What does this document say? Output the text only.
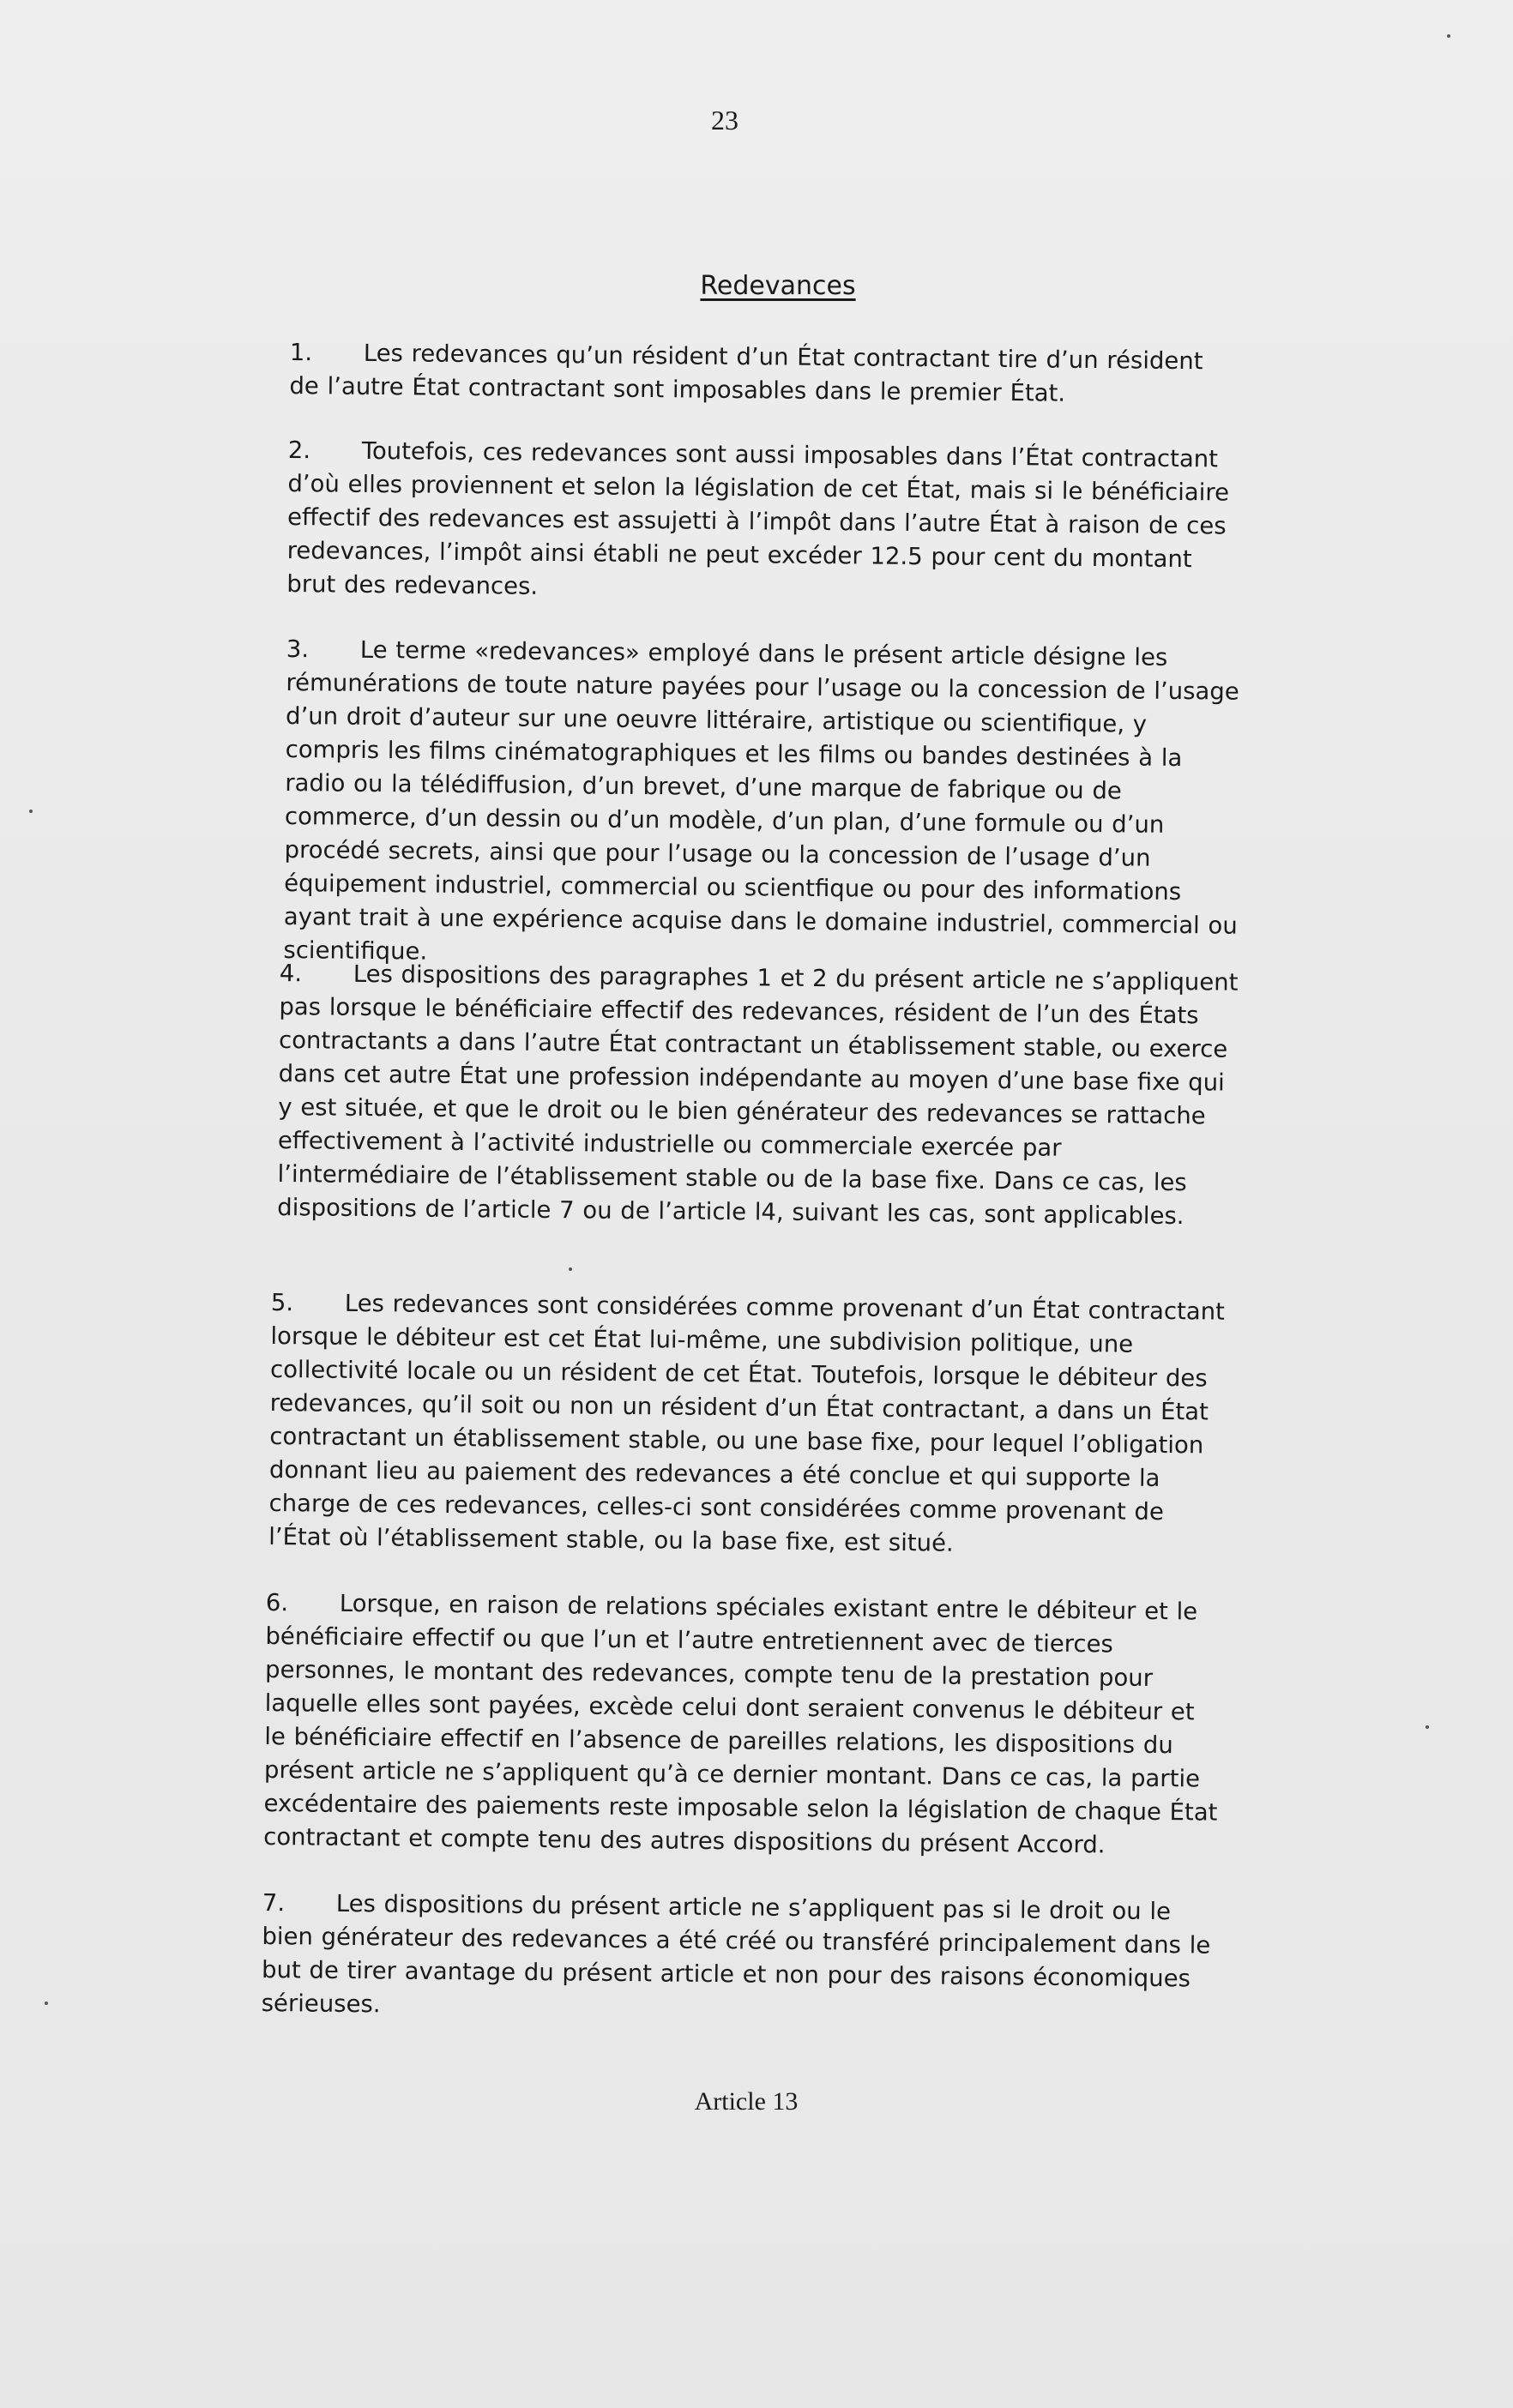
23
Redevances

1. Les redevances qu’un résident d’un État contractant tire d’un résident de l’autre État contractant sont imposables dans le premier État.

2. Toutefois, ces redevances sont aussi imposables dans l’État contractant d’où elles proviennent et selon la législation de cet État, mais si le bénéficiaire effectif des redevances est assujetti à l’impôt dans l’autre État à raison de ces redevances, l’impôt ainsi établi ne peut excéder 12.5 pour cent du montant brut des redevances.

3. Le terme «redevances» employé dans le présent article désigne les rémunérations de toute nature payées pour l’usage ou la concession de l’usage d’un droit d’auteur sur une oeuvre littéraire, artistique ou scientifique, y compris les films cinématographiques et les films ou bandes destinées à la radio ou la télédiffusion, d’un brevet, d’une marque de fabrique ou de commerce, d’un dessin ou d’un modèle, d’un plan, d’une formule ou d’un procédé secrets, ainsi que pour l’usage ou la concession de l’usage d’un équipement industriel, commercial ou scientfique ou pour des informations ayant trait à une expérience acquise dans le domaine industriel, commercial ou scientifique.

4. Les dispositions des paragraphes 1 et 2 du présent article ne s’appliquent pas lorsque le bénéficiaire effectif des redevances, résident de l’un des États contractants a dans l’autre État contractant un établissement stable, ou exerce dans cet autre État une profession indépendante au moyen d’une base fixe qui y est située, et que le droit ou le bien générateur des redevances se rattache effectivement à l’activité industrielle ou commerciale exercée par l’intermédiaire de l’établissement stable ou de la base fixe. Dans ce cas, les dispositions de l’article 7 ou de l’article l4, suivant les cas, sont applicables.

5. Les redevances sont considérées comme provenant d’un État contractant lorsque le débiteur est cet État lui-même, une subdivision politique, une collectivité locale ou un résident de cet État. Toutefois, lorsque le débiteur des redevances, qu’il soit ou non un résident d’un État contractant, a dans un État contractant un établissement stable, ou une base fixe, pour lequel l’obligation donnant lieu au paiement des redevances a été conclue et qui supporte la charge de ces redevances, celles-ci sont considérées comme provenant de l’État où l’établissement stable, ou la base fixe, est situé.

6. Lorsque, en raison de relations spéciales existant entre le débiteur et le bénéficiaire effectif ou que l’un et l’autre entretiennent avec de tierces personnes, le montant des redevances, compte tenu de la prestation pour laquelle elles sont payées, excède celui dont seraient convenus le débiteur et le bénéficiaire effectif en l’absence de pareilles relations, les dispositions du présent article ne s’appliquent qu’à ce dernier montant. Dans ce cas, la partie excédentaire des paiements reste imposable selon la législation de chaque État contractant et compte tenu des autres dispositions du présent Accord.

7. Les dispositions du présent article ne s’appliquent pas si le droit ou le bien générateur des redevances a été créé ou transféré principalement dans le but de tirer avantage du présent article et non pour des raisons économiques sérieuses.

Article 13
